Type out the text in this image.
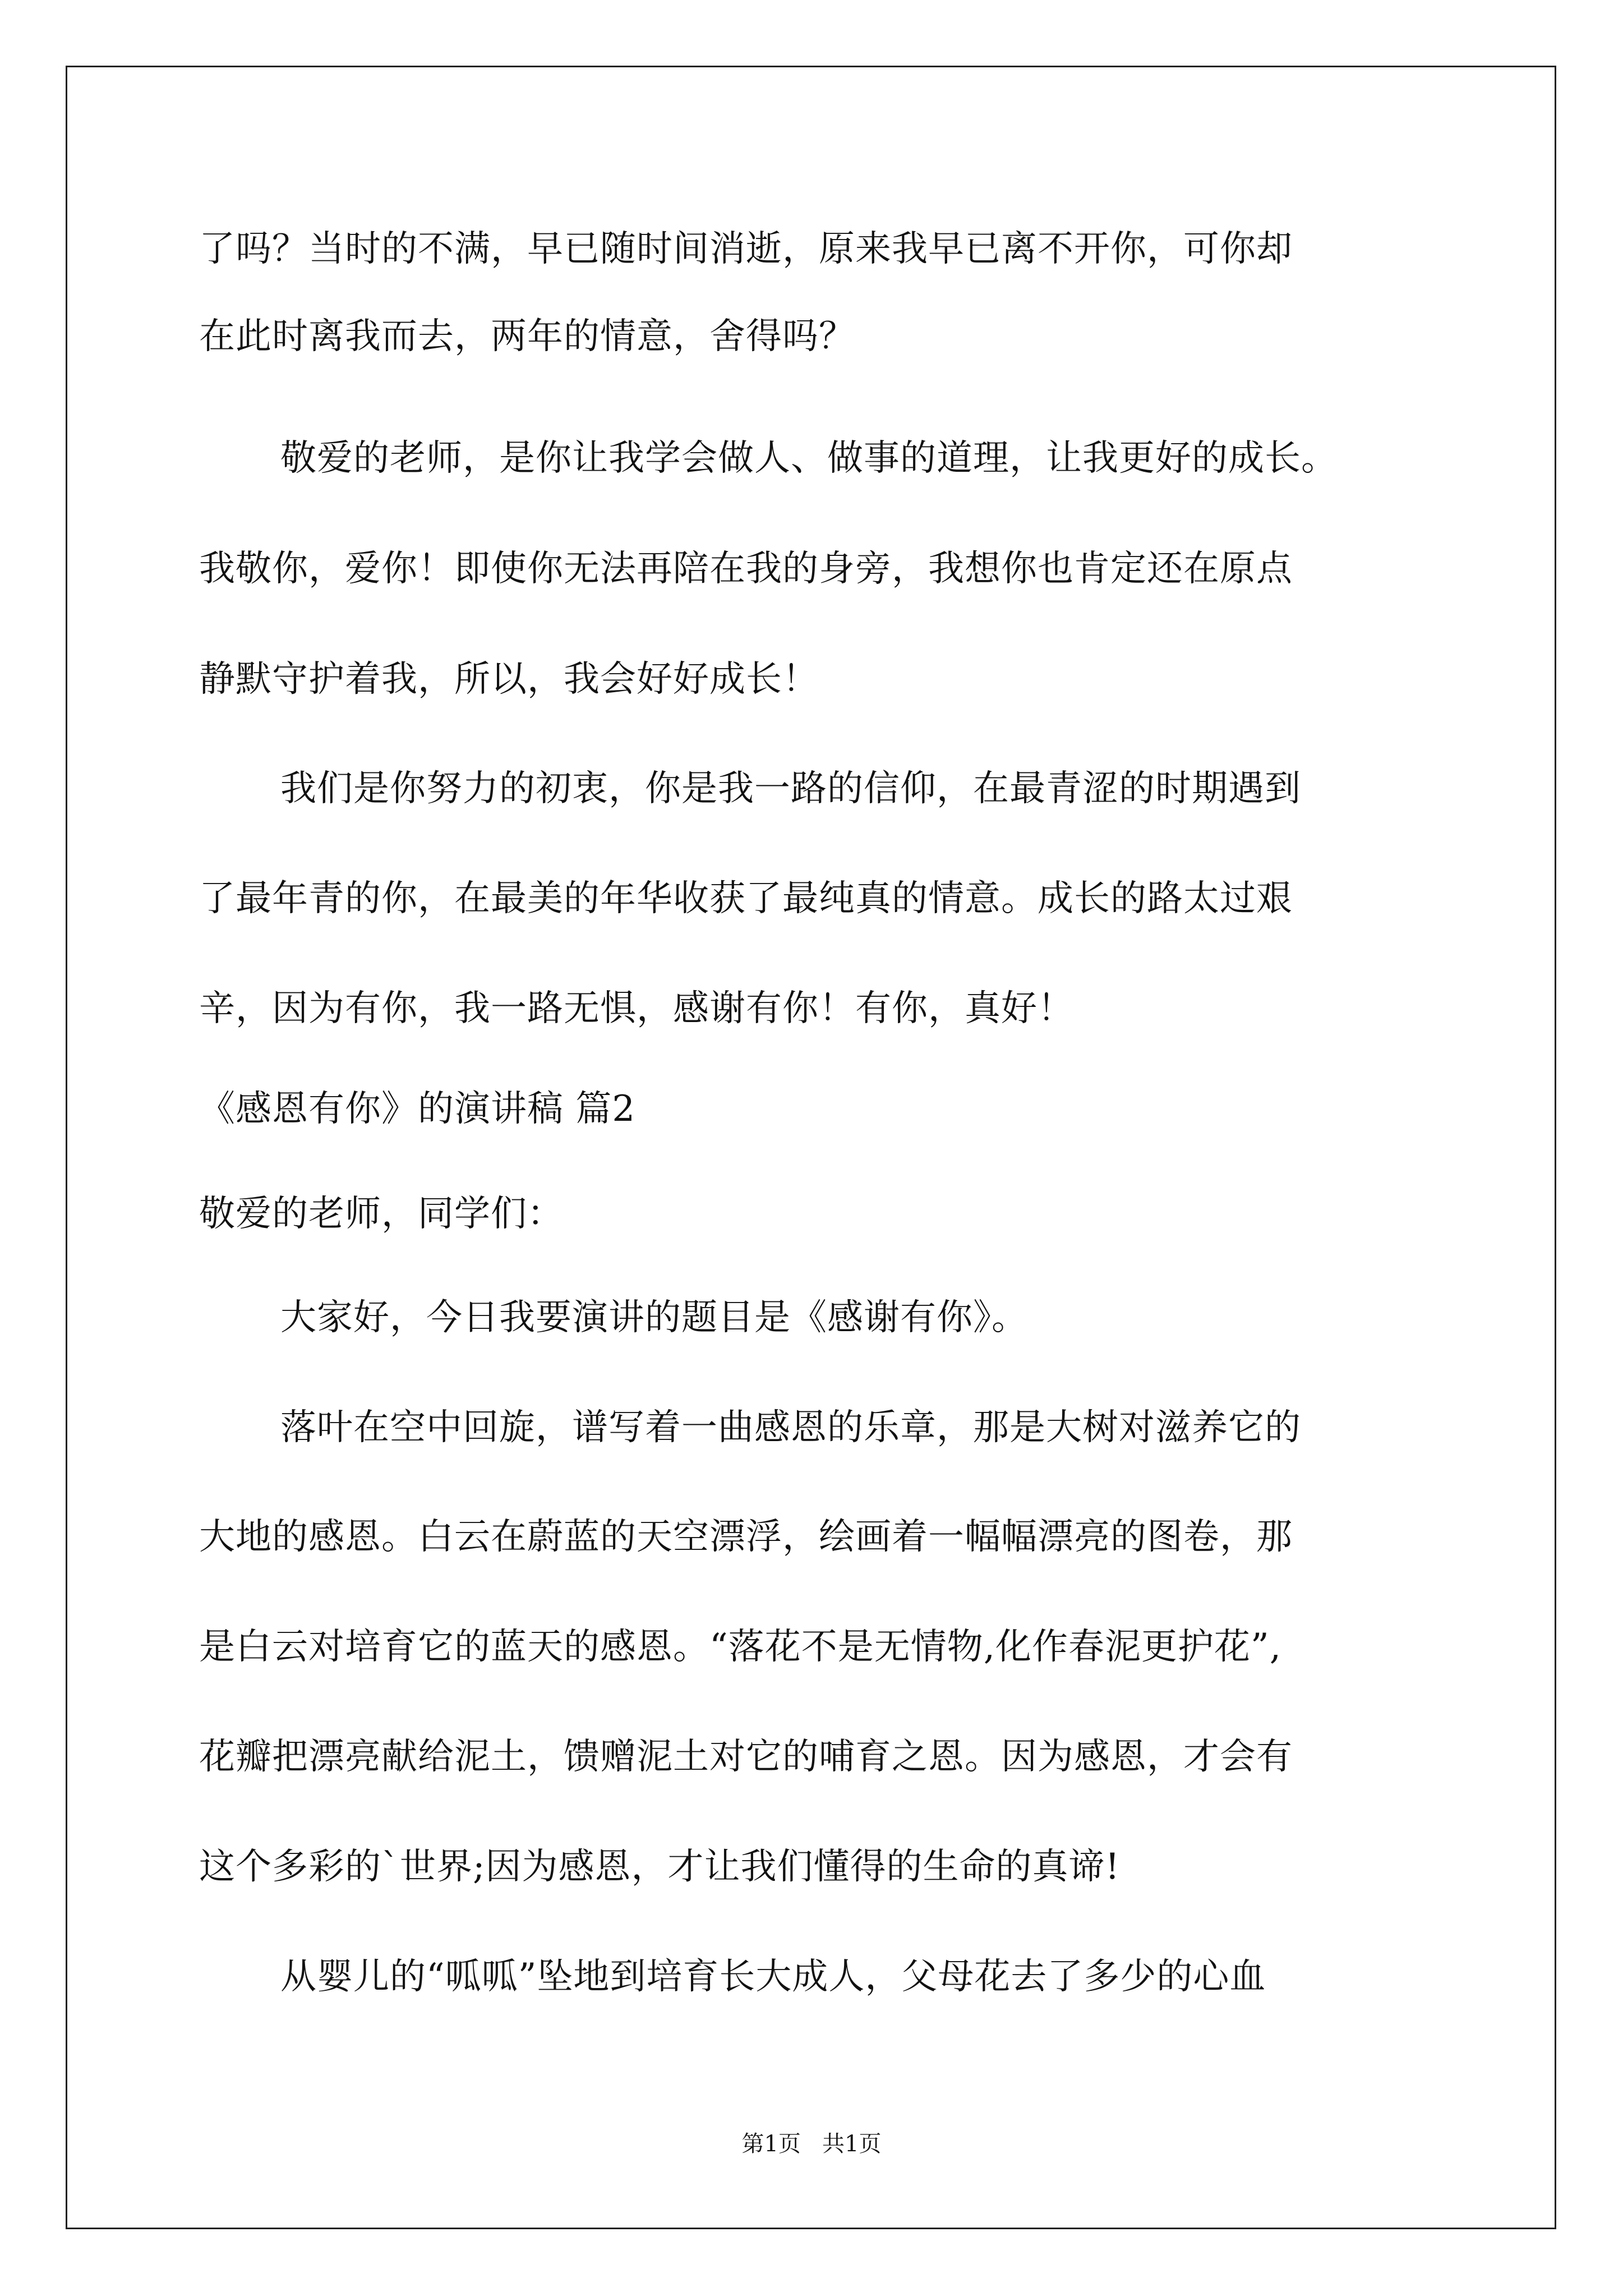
了吗？当时的不满，早已随时间消逝，原来我早已离不开你，可你却
在此时离我而去，两年的情意，舍得吗？
敬爱的老师，是你让我学会做人、做事的道理，让我更好的成长。
我敬你，爱你！即使你无法再陪在我的身旁，我想你也肯定还在原点
静默守护着我，所以，我会好好成长！
我们是你努力的初衷，你是我一路的信仰，在最青涩的时期遇到
了最年青的你，在最美的年华收获了最纯真的情意。成长的路太过艰
辛，因为有你，我一路无惧，感谢有你！有你，真好！
《感恩有你》的演讲稿 篇2
敬爱的老师，同学们：
大家好，今日我要演讲的题目是《感谢有你》。
落叶在空中回旋，谱写着一曲感恩的乐章，那是大树对滋养它的
大地的感恩。白云在蔚蓝的天空漂浮，绘画着一幅幅漂亮的图卷，那
是白云对培育它的蓝天的感恩。“落花不是无情物,化作春泥更护花”,
花瓣把漂亮献给泥土，馈赠泥土对它的哺育之恩。因为感恩，才会有
这个多彩的`世界;因为感恩，才让我们懂得的生命的真谛!
从婴儿的“呱呱”坠地到培育长大成人，父母花去了多少的心血
第1页 共1页
